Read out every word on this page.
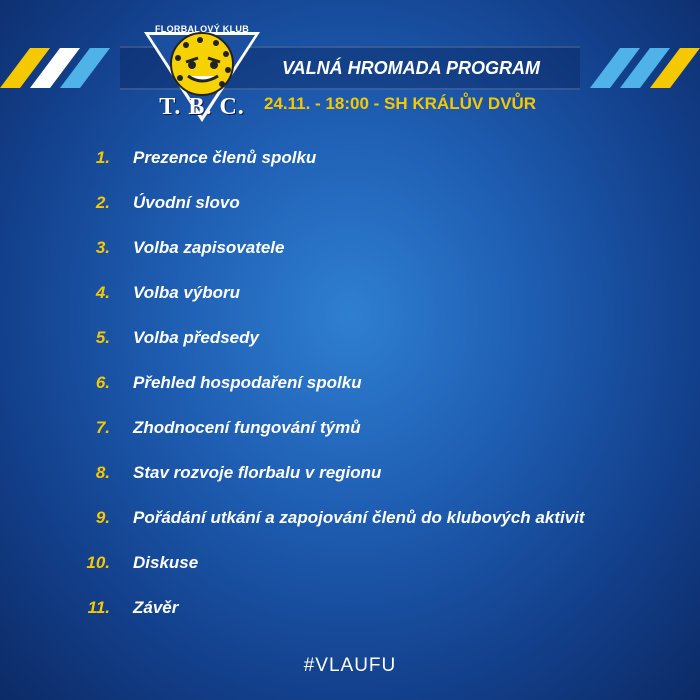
FLORBALOVÝ KLUB
T. B. C.
VALNÁ HROMADA PROGRAM
24.11. - 18:00 - SH KRÁLŮV DVŮR
1. Prezence členů spolku
2. Úvodní slovo
3. Volba zapisovatele
4. Volba výboru
5. Volba předsedy
6. Přehled hospodaření spolku
7. Zhodnocení fungování týmů
8. Stav rozvoje florbalu v regionu
9. Pořádání utkání a zapojování členů do klubových aktivit
10. Diskuse
11. Závěr
#VLAUFU
